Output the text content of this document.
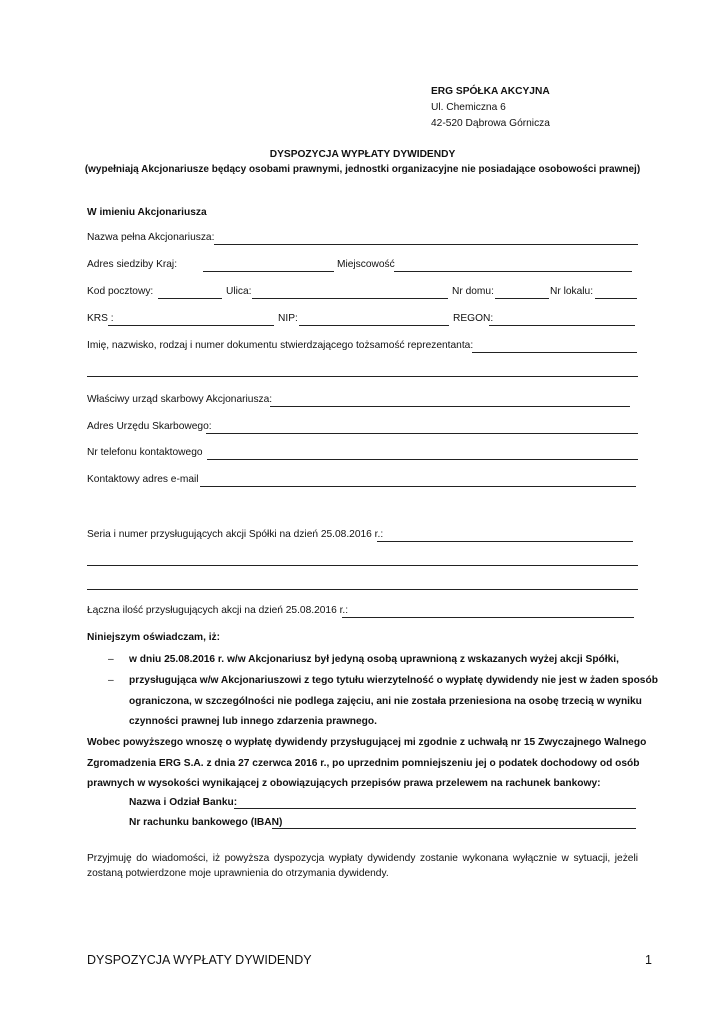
ERG SPÓŁKA AKCYJNA
Ul. Chemiczna 6
42-520 Dąbrowa Górnicza
DYSPOZYCJA WYPŁATY DYWIDENDY
(wypełniają Akcjonariusze będący osobami prawnymi, jednostki organizacyjne nie posiadające osobowości prawnej)
W imieniu Akcjonariusza
Nazwa pełna Akcjonariusza:
Adres siedziby Kraj:	Miejscowość
Kod pocztowy:	Ulica:	Nr domu:	Nr lokalu:
KRS :	NIP:	REGON:
Imię, nazwisko, rodzaj i numer dokumentu stwierdzającego tożsamość reprezentanta:
Właściwy urząd skarbowy Akcjonariusza:
Adres Urzędu Skarbowego:
Nr telefonu kontaktowego
Kontaktowy adres e-mail
Seria i numer przysługujących akcji Spółki na dzień 25.08.2016 r.:
Łączna ilość przysługujących akcji na dzień 25.08.2016 r.:
Niniejszym oświadczam, iż:
– w dniu 25.08.2016 r. w/w Akcjonariusz był jedyną osobą uprawnioną z wskazanych wyżej akcji Spółki,
– przysługująca w/w Akcjonariuszowi z tego tytułu wierzytelność o wypłatę dywidendy nie jest w żaden sposób
ograniczona, w szczególności nie podlega zajęciu, ani nie została przeniesiona na osobę trzecią w wyniku
czynności prawnej lub innego zdarzenia prawnego.
Wobec powyższego wnoszę o wypłatę dywidendy przysługującej mi zgodnie z uchwałą nr 15 Zwyczajnego Walnego
Zgromadzenia ERG S.A. z dnia 27 czerwca 2016 r., po uprzednim pomniejszeniu jej o podatek dochodowy od osób
prawnych w wysokości wynikającej z obowiązujących przepisów prawa przelewem na rachunek bankowy:
Nazwa i Odział Banku:
Nr rachunku bankowego (IBAN)
Przyjmuję do wiadomości, iż powyższa dyspozycja wypłaty dywidendy zostanie wykonana wyłącznie w sytuacji, jeżeli
zostaną potwierdzone moje uprawnienia do otrzymania dywidendy.
DYSPOZYCJA WYPŁATY DYWIDENDY	1
